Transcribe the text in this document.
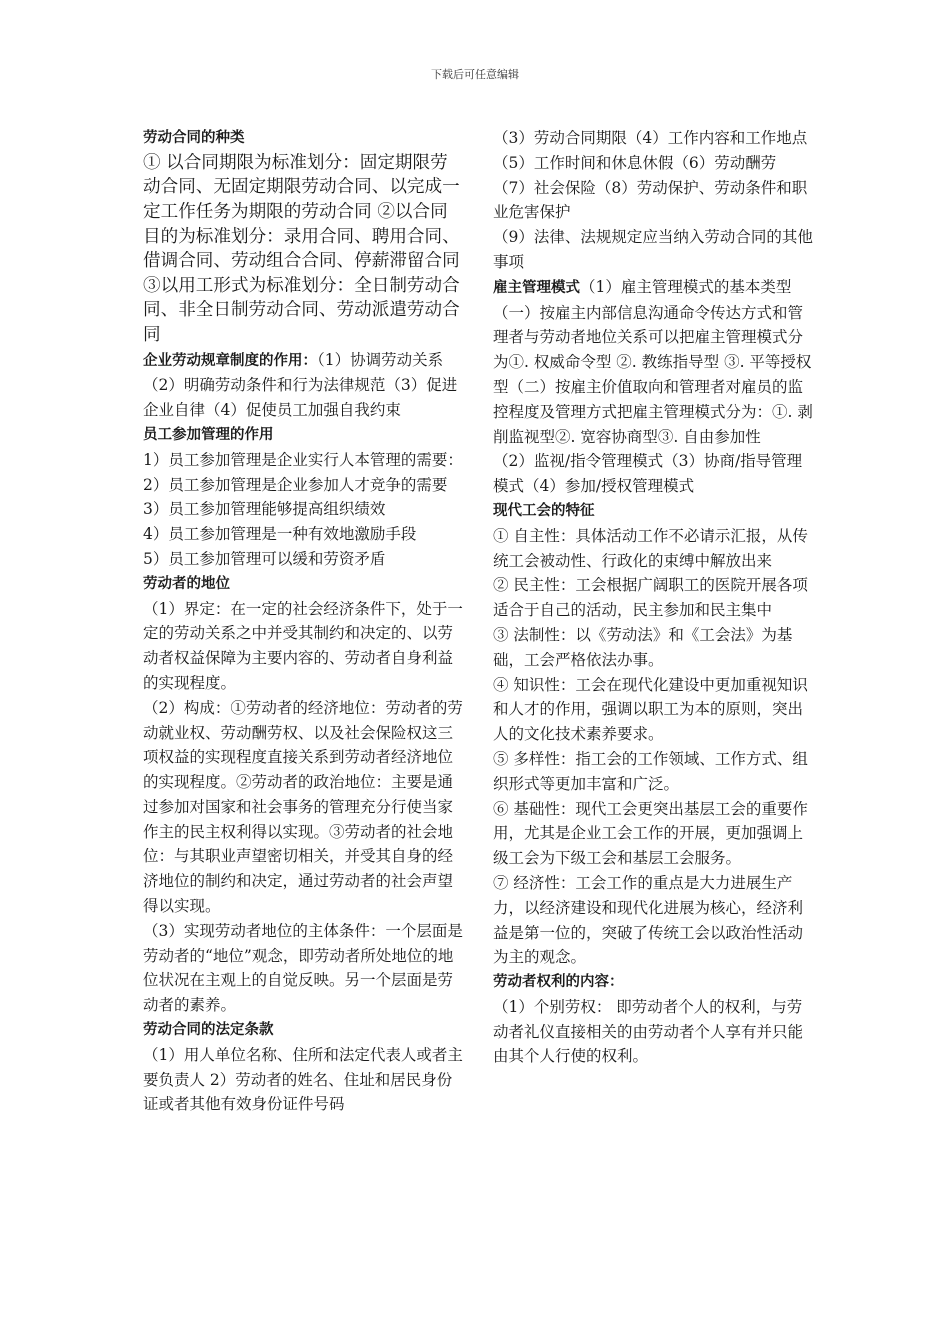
下载后可任意编辑

劳动合同的种类

① 以合同期限为标准划分：固定期限劳动合同、无固定期限劳动合同、以完成一定工作任务为期限的劳动合同 ②以合同目的为标准划分：录用合同、聘用合同、借调合同、劳动组合合同、停薪滞留合同 ③以用工形式为标准划分：全日制劳动合同、非全日制劳动合同、劳动派遣劳动合同

企业劳动规章制度的作用：（1）协调劳动关系（2）明确劳动条件和行为法律规范（3）促进企业自律（4）促使员工加强自我约束

员工参加管理的作用

1）员工参加管理是企业实行人本管理的需要：2）员工参加管理是企业参加人才竞争的需要 3）员工参加管理能够提高组织绩效

4）员工参加管理是一种有效地激励手段

5）员工参加管理可以缓和劳资矛盾

劳动者的地位

（1）界定：在一定的社会经济条件下，处于一定的劳动关系之中并受其制约和决定的、以劳动者权益保障为主要内容的、劳动者自身利益的实现程度。

（2）构成：①劳动者的经济地位：劳动者的劳动就业权、劳动酬劳权、以及社会保险权这三项权益的实现程度直接关系到劳动者经济地位的实现程度。②劳动者的政治地位：主要是通过参加对国家和社会事务的管理充分行使当家作主的民主权利得以实现。③劳动者的社会地位：与其职业声望密切相关，并受其自身的经济地位的制约和决定，通过劳动者的社会声望得以实现。

（3）实现劳动者地位的主体条件：一个层面是劳动者的“地位”观念，即劳动者所处地位的地位状况在主观上的自觉反映。另一个层面是劳动者的素养。

劳动合同的法定条款

（1）用人单位名称、住所和法定代表人或者主要负责人 2）劳动者的姓名、住址和居民身份证或者其他有效身份证件号码

（3）劳动合同期限（4）工作内容和工作地点（5）工作时间和休息休假（6）劳动酬劳

（7）社会保险（8）劳动保护、劳动条件和职业危害保护

（9）法律、法规规定应当纳入劳动合同的其他事项

雇主管理模式（1）雇主管理模式的基本类型

（一）按雇主内部信息沟通命令传达方式和管理者与劳动者地位关系可以把雇主管理模式分为①. 权威命令型 ②. 教练指导型 ③. 平等授权型（二）按雇主价值取向和管理者对雇员的监控程度及管理方式把雇主管理模式分为：①. 剥削监视型②. 宽容协商型③. 自由参加性

（2）监视/指令管理模式（3）协商/指导管理模式（4）参加/授权管理模式

现代工会的特征

① 自主性：具体活动工作不必请示汇报，从传统工会被动性、行政化的束缚中解放出来

② 民主性：工会根据广阔职工的医院开展各项适合于自己的活动，民主参加和民主集中

③ 法制性：以《劳动法》和《工会法》为基础，工会严格依法办事。

④ 知识性：工会在现代化建设中更加重视知识和人才的作用，强调以职工为本的原则，突出人的文化技术素养要求。

⑤ 多样性：指工会的工作领域、工作方式、组织形式等更加丰富和广泛。

⑥ 基础性：现代工会更突出基层工会的重要作用，尤其是企业工会工作的开展，更加强调上级工会为下级工会和基层工会服务。

⑦ 经济性：工会工作的重点是大力进展生产力，以经济建设和现代化进展为核心，经济利益是第一位的，突破了传统工会以政治性活动为主的观念。

劳动者权利的内容：

（1）个别劳权： 即劳动者个人的权利，与劳动者礼仪直接相关的由劳动者个人享有并只能由其个人行使的权利。
